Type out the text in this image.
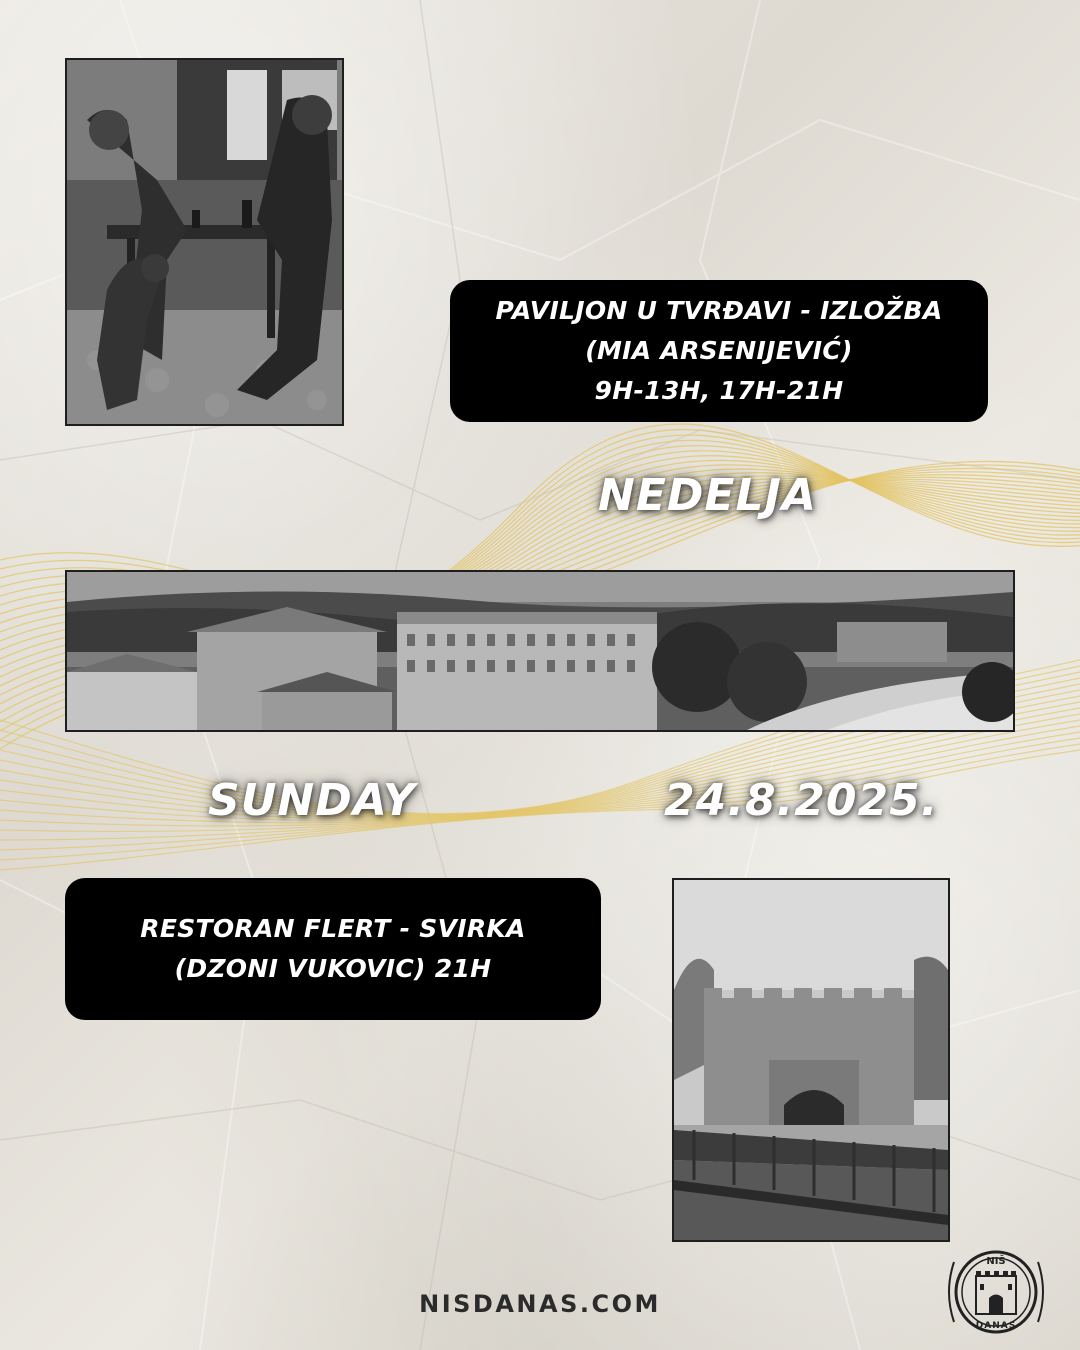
PAVILJON U TVRĐAVI - IZLOŽBA
(MIA ARSENIJEVIĆ)
9H-13H, 17H-21H
NEDELJA
SUNDAY	24.8.2025.
RESTORAN FLERT - SVIRKA
(DZONI VUKOVIC) 21H
NISDANAS.COM
NIŠ
DANAS
